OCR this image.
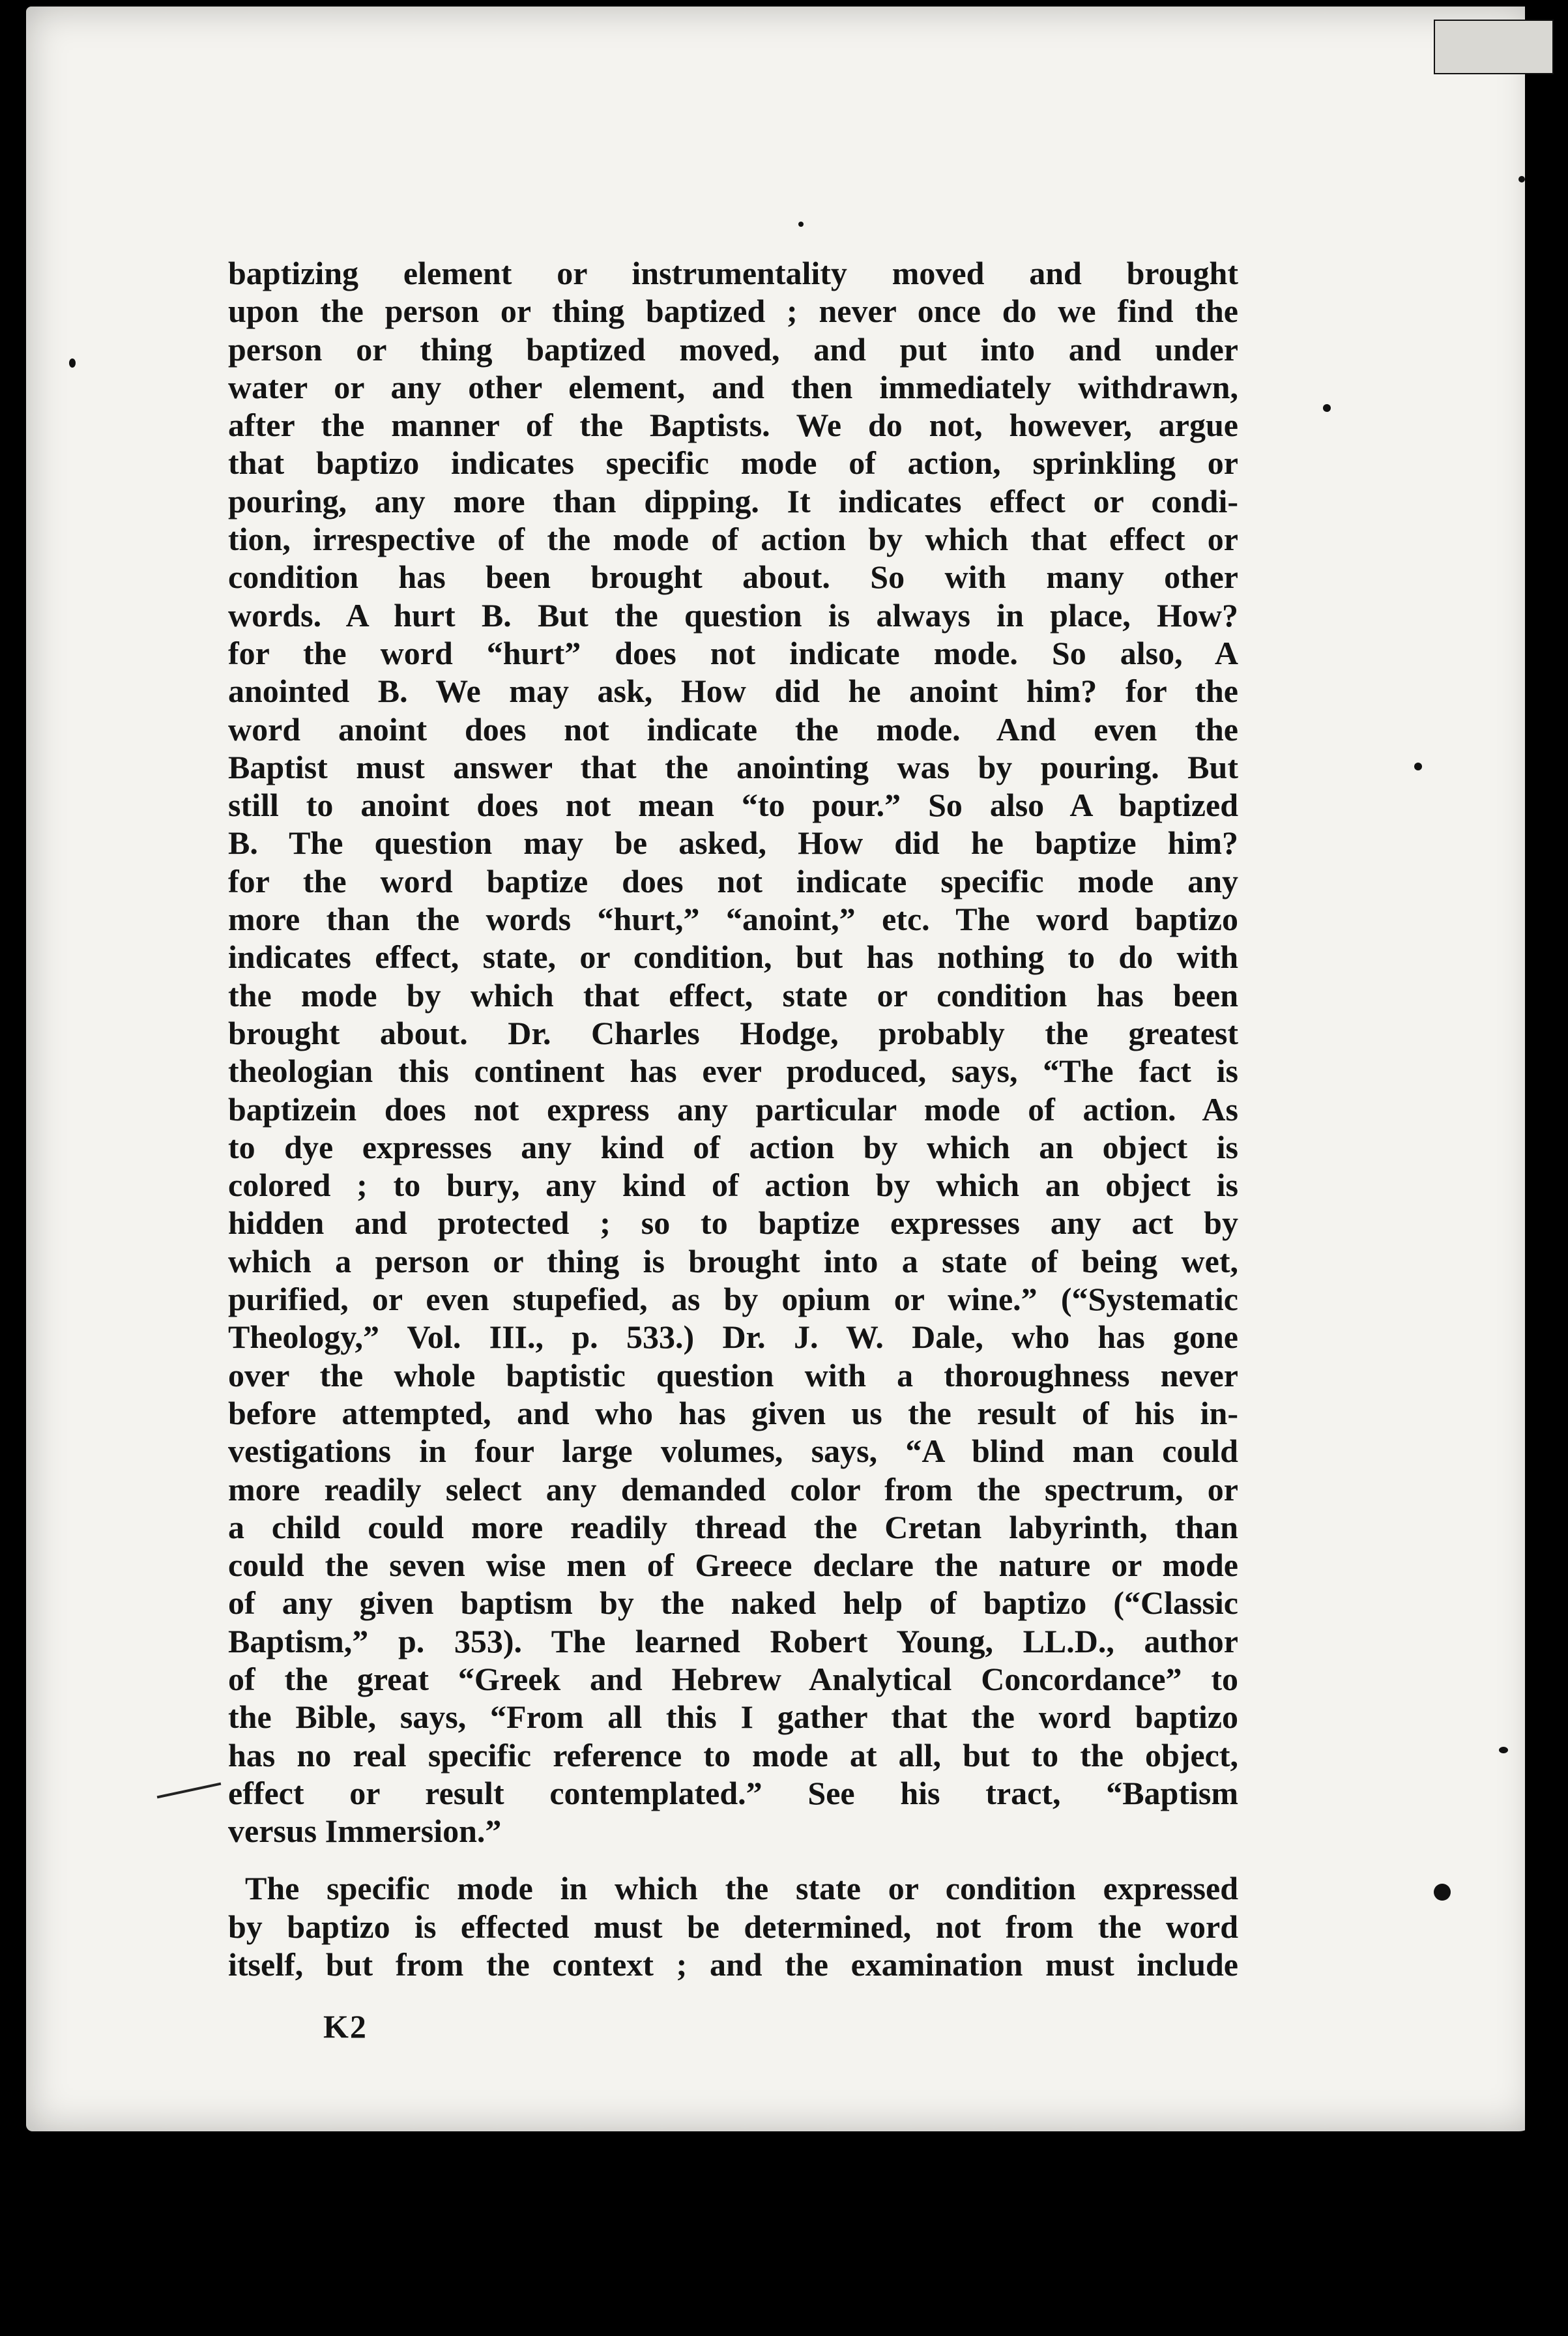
baptizing element or instrumentality moved and brought
upon the person or thing baptized ; never once do we find the
person or thing baptized moved, and put into and under
water or any other element, and then immediately withdrawn,
after the manner of the Baptists. We do not, however, argue
that baptizo indicates specific mode of action, sprinkling or
pouring, any more than dipping. It indicates effect or condi-
tion, irrespective of the mode of action by which that effect or
condition has been brought about. So with many other
words. A hurt B. But the question is always in place, How?
for the word “hurt” does not indicate mode. So also, A
anointed B. We may ask, How did he anoint him? for the
word anoint does not indicate the mode. And even the
Baptist must answer that the anointing was by pouring. But
still to anoint does not mean “to pour.” So also A baptized
B. The question may be asked, How did he baptize him?
for the word baptize does not indicate specific mode any
more than the words “hurt,” “anoint,” etc. The word baptizo
indicates effect, state, or condition, but has nothing to do with
the mode by which that effect, state or condition has been
brought about. Dr. Charles Hodge, probably the greatest
theologian this continent has ever produced, says, “The fact is
baptizein does not express any particular mode of action. As
to dye expresses any kind of action by which an object is
colored ; to bury, any kind of action by which an object is
hidden and protected ; so to baptize expresses any act by
which a person or thing is brought into a state of being wet,
purified, or even stupefied, as by opium or wine.” (“Systematic
Theology,” Vol. III., p. 533.) Dr. J. W. Dale, who has gone
over the whole baptistic question with a thoroughness never
before attempted, and who has given us the result of his in-
vestigations in four large volumes, says, “A blind man could
more readily select any demanded color from the spectrum, or
a child could more readily thread the Cretan labyrinth, than
could the seven wise men of Greece declare the nature or mode
of any given baptism by the naked help of baptizo (“Classic
Baptism,” p. 353). The learned Robert Young, LL.D., author
of the great “Greek and Hebrew Analytical Concordance” to
the Bible, says, “From all this I gather that the word baptizo
has no real specific reference to mode at all, but to the object,
effect or result contemplated.” See his tract, “Baptism
versus Immersion.”
The specific mode in which the state or condition expressed
by baptizo is effected must be determined, not from the word
itself, but from the context ; and the examination must include
K2
